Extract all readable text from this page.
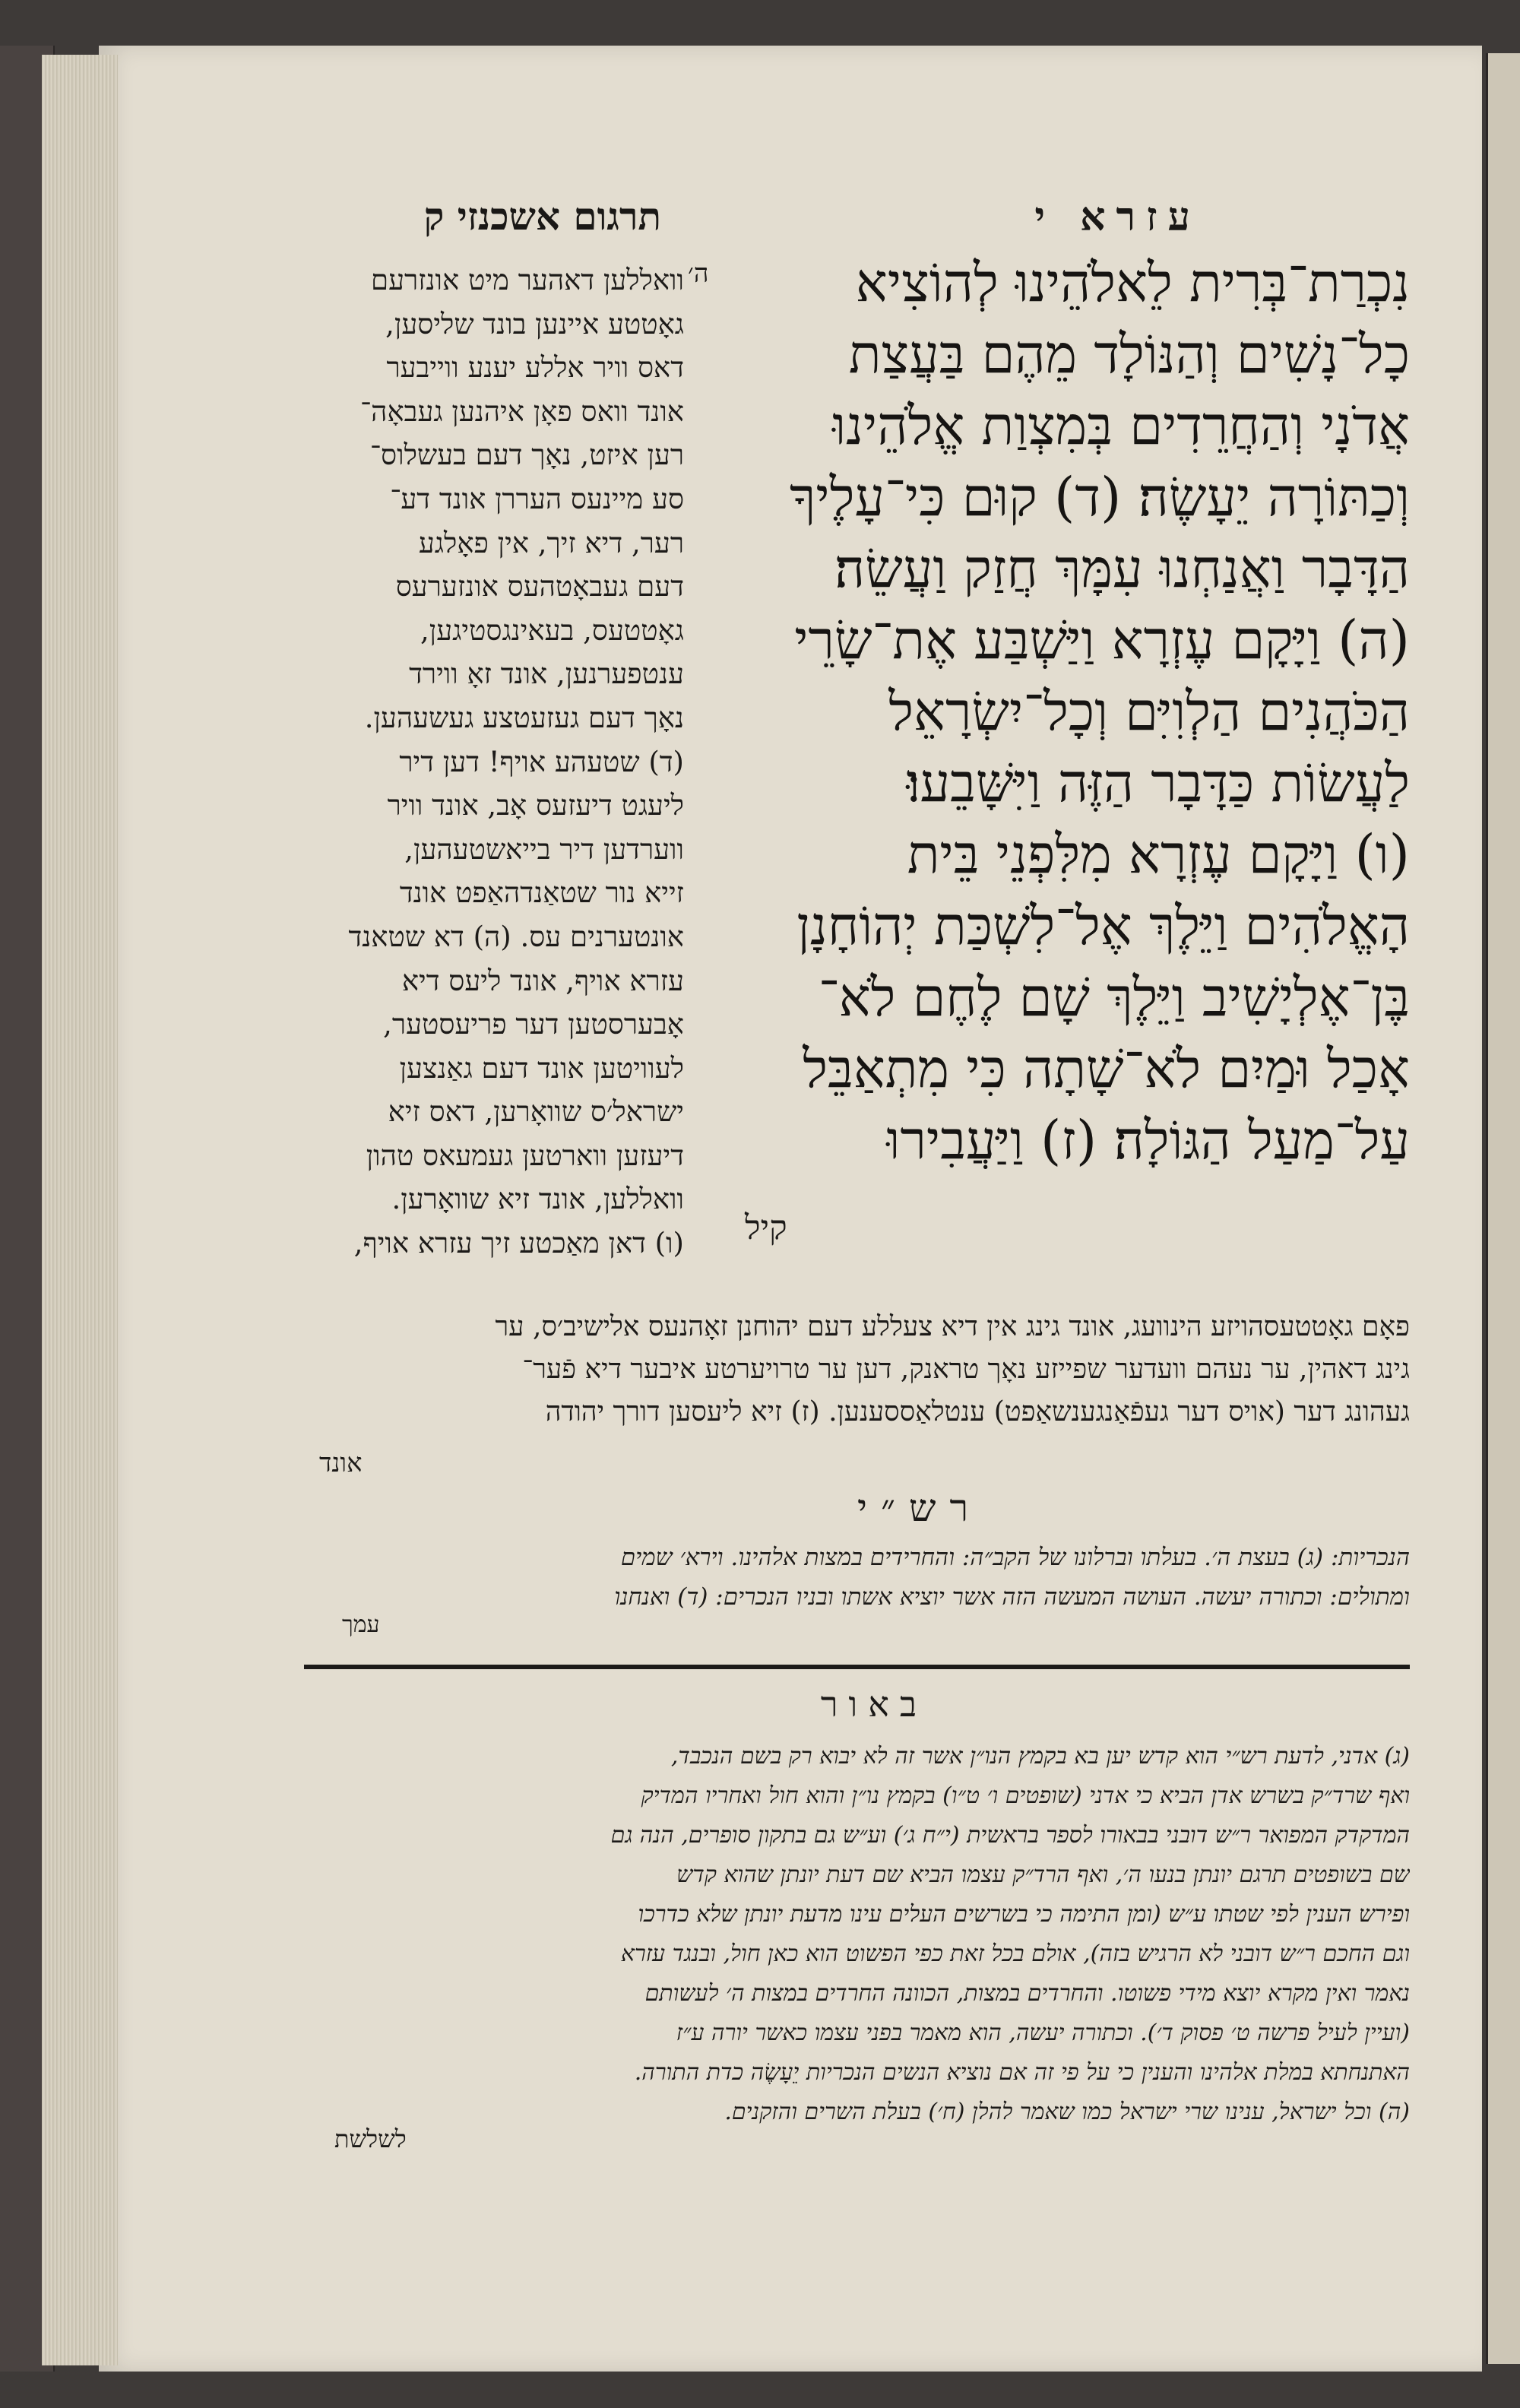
תרגום אשכנזי ק	עזרא י
ה׳	נִכְרַת־בְּרִית לֵאלֹהֵינוּ לְהוֹצִיא
כָל־נָשִׁים וְהַנּוֹלָד מֵהֶם בַּעֲצַת
אֲדֹנָי וְהַחֲרֵדִים בְּמִצְוַת אֱלֹהֵינוּ
וְכַתּוֹרָה יֵעָשֶׂה׃ (ד) קוּם כִּי־עָלֶיךָ
הַדָּבָר וַאֲנַחְנוּ עִמָּךְ חֲזַק וַעֲשֵׂה׃
(ה) וַיָּקָם עֶזְרָא וַיַּשְׁבַּע אֶת־שָׂרֵי
הַכֹּהֲנִים הַלְוִיִּם וְכָל־יִשְׂרָאֵל
לַעֲשׂוֹת כַּדָּבָר הַזֶּה וַיִּשָּׁבֵעוּ׃
(ו) וַיָּקָם עֶזְרָא מִלִּפְנֵי בֵּית
הָאֱלֹהִים וַיֵּלֶךְ אֶל־לִשְׁכַּת יְהוֹחָנָן
בֶּן־אֶלְיָשִׁיב וַיֵּלֶךְ שָׁם לֶחֶם לֹא־
אָכַל וּמַיִם לֹא־שָׁתָה כִּי מִתְאַבֵּל
עַל־מַעַל הַגּוֹלָה׃ (ז) וַיַּעֲבִירוּ
קיל
וואללען דאהער מיט אונזרעם
גאָטטע איינען בונד שליסען,
דאס וויר אללע יענע ווייבער
אונד וואס פאָן איהנען געבאָה־
רען איזט, נאָך דעם בעשלוס־
סע מיינעס העררן אונד דע־
רער, דיא זיך, אין פאָלגע
דעם געבאָטהעס אונזערעס
גאָטטעס, בעאינגסטיגען,
ענטפערנען, אונד זאָ ווירד
נאָך דעם געזעטצע געשעהען.
(ד) שטעהע אויף! דען דיר
ליעגט דיעזעס אָב, אונד וויר
ווערדען דיר בייאשטעהען,
זייא נור שטאַנדהאַפט אונד
אונטערנים עס. (ה) דא שטאנד
עזרא אויף, אונד ליעס דיא
אָבערסטען דער פריעסטער,
לעוויטען אונד דעם גאַנצען
ישראל׳ס שוואָרען, דאס זיא
דיעזען ווארטען געמעאס טהון
וואללען, אונד זיא שוואָרען.
(ו) דאן מאַכטע זיך עזרא אויף,
פאָם גאָטטעסהויזע הינוועג, אונד גינג אין דיא צעללע דעם יהוחנן זאָהנעס אלישיב׳ס, ער
גינג דאהין, ער נעהם וועדער שפייזע נאָך טראנק, דען ער טרויערטע איבער דיא פֿער־
געהונג דער (אויס דער געפֿאַנגענשאַפט) ענטלאַססענען. (ז) זיא ליעסען דורך יהודה
אונד
רש״י
הנכריות: (ג) בעצת ה׳. בעלתו וברלונו של הקב״ה: והחרידים במצות אלהינו. וירא׳ שמים
ומתולים: וכתורה יעשה. העושה המעשה הזה אשר יוציא אשתו ובניו הנכרים: (ד) ואנחנו
עמך
באור
(ג) אדני, לדעת רש״י הוא קדש יען בא בקמץ הנו״ן אשר זה לא יבוא רק בשם הנכבד,
ואף שרד״ק בשרש אדן הביא כי אדני (שופטים ו׳ ט״ו) בקמץ נו״ן והוא חול ואחריו המדיק
המדקדק המפואר ר״ש דובני בבאורו לספר בראשית (י״ח ג׳) וע״ש גם בתקון סופרים, הנה גם
שם בשופטים תרגם יונתן בנעו ה׳, ואף הרד״ק עצמו הביא שם דעת יונתן שהוא קדש
ופירש הענין לפי שטתו ע״ש (ומן התימה כי בשרשים העלים עינו מדעת יונתן שלא כדרכו
וגם החכם ר״ש דובני לא הרגיש בזה), אולם בכל זאת כפי הפשוט הוא כאן חול, ובנגד עזרא
נאמר ואין מקרא יוצא מידי פשוטו. והחרדים במצות, הכוונה החרדים במצות ה׳ לעשותם
(ועיין לעיל פרשה ט׳ פסוק ד׳). וכתורה יעשה, הוא מאמר בפני עצמו כאשר יורה ע״ז
האתנחתא במלת אלהינו והענין כי על פי זה אם נוציא הנשים הנכריות יֵעָשֶׂה כדת התורה.
(ה) וכל ישראל, ענינו שרי ישראל כמו שאמר להלן (ח׳) בעלת השרים והזקנים.
לשלשת
